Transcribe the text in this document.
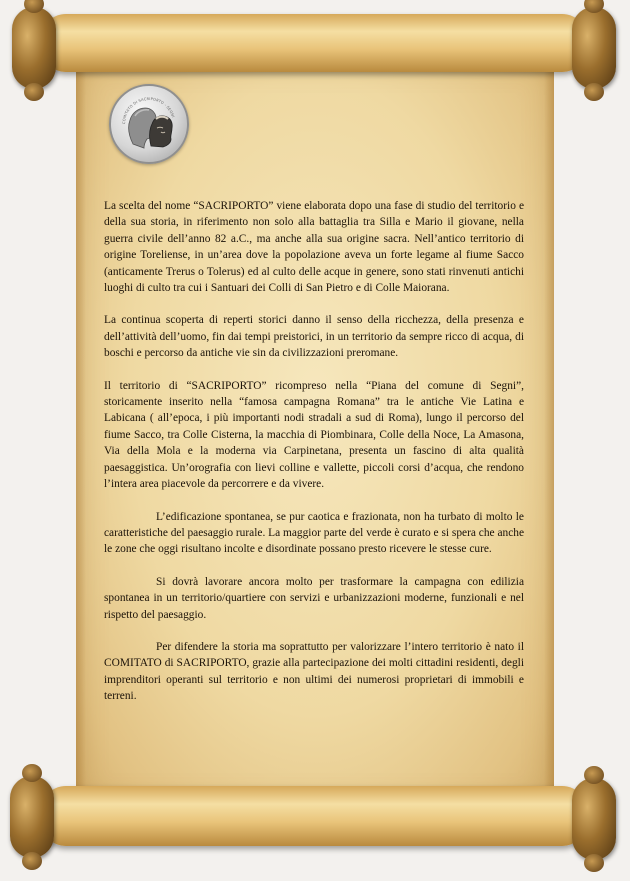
COMITATO DI SACRIPORTO - SEGNI

La scelta del nome “SACRIPORTO” viene elaborata dopo una fase di studio del territorio e della sua storia, in riferimento non solo alla battaglia tra Silla e Mario il giovane, nella guerra civile dell’anno 82 a.C., ma anche alla sua origine sacra. Nell’antico territorio di origine Toreliense, in un’area dove la popolazione aveva un forte legame al fiume Sacco (anticamente Trerus o Tolerus) ed al culto delle acque in genere, sono stati rinvenuti antichi luoghi di culto tra cui i Santuari dei Colli di San Pietro e di Colle Maiorana.

La continua scoperta di reperti storici danno il senso della ricchezza, della presenza e dell’attività dell’uomo, fin dai tempi preistorici, in un territorio da sempre ricco di acqua, di boschi e percorso da antiche vie sin da civilizzazioni preromane.

Il territorio di “SACRIPORTO” ricompreso nella “Piana del comune di Segni”, storicamente inserito nella “famosa campagna Romana” tra le antiche Vie Latina e Labicana ( all’epoca, i più importanti nodi stradali a sud di Roma), lungo il percorso del fiume Sacco, tra Colle Cisterna, la macchia di Piombinara, Colle della Noce, La Amasona, Via della Mola e la moderna via Carpinetana, presenta un fascino di alta qualità paesaggistica. Un’orografia con lievi colline e vallette, piccoli corsi d’acqua, che rendono l’intera area piacevole da percorrere e da vivere.

L’edificazione spontanea, se pur caotica e frazionata, non ha turbato di molto le caratteristiche del paesaggio rurale. La maggior parte del verde è curato e si spera che anche le zone che oggi risultano incolte e disordinate possano presto ricevere le stesse cure.

Si dovrà lavorare ancora molto per trasformare la campagna con edilizia spontanea in un territorio/quartiere con servizi e urbanizzazioni moderne, funzionali e nel rispetto del paesaggio.

Per difendere la storia ma soprattutto per valorizzare l’intero territorio è nato il COMITATO di SACRIPORTO, grazie alla partecipazione dei molti cittadini residenti, degli imprenditori operanti sul territorio e non ultimi dei numerosi proprietari di immobili e terreni.
